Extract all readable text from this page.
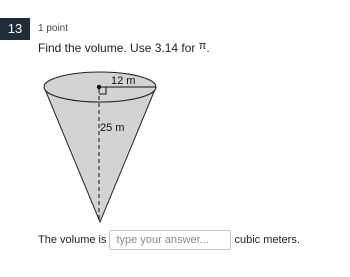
13	1 point
Find the volume. Use 3.14 for π.
12 m
25 m
The volume is
type your answer...	cubic meters.
